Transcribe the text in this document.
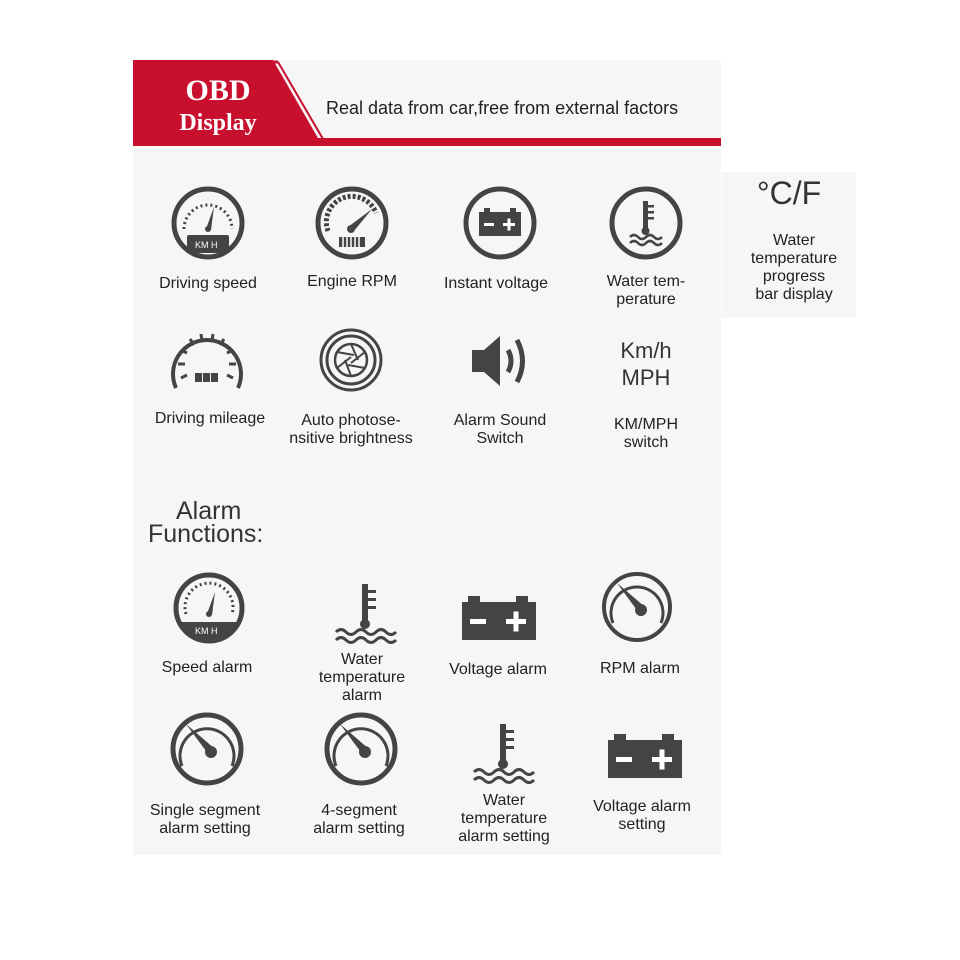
OBD
Display
Real data from car,free from external factors
KM H
Driving speed	Engine RPM	Instant voltage	Water tem-
perature
°C/F
Water
temperature
progress
bar display
Driving mileage	Auto photose-
nsitive brightness
Alarm Sound
Switch
Km/h
MPH
KM/MPH
switch
Alarm
Functions:
KM H
Speed alarm	Water
temperature
alarm
Voltage alarm	RPM alarm
Single segment
alarm setting
4-segment
alarm setting
Water
temperature
alarm setting
Voltage alarm
setting
